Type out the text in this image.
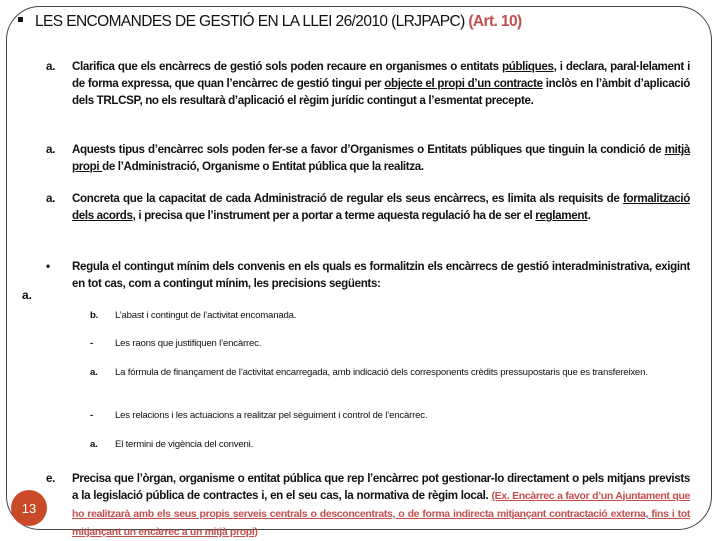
LES ENCOMANDES DE GESTIÓ EN LA LLEI 26/2010 (LRJPAPC) (Art. 10)
a. Clarifica que els encàrrecs de gestió sols poden recaure en organismes o entitats públiques, i declara, paral·lelament i de forma expressa, que quan l’encàrrec de gestió tingui per objecte el propi d’un contracte inclòs en l’àmbit d’aplicació dels TRLCSP, no els resultarà d’aplicació el règim jurídic contingut a l’esmentat precepte.
a. Aquests tipus d’encàrrec sols poden fer-se a favor d’Organismes o Entitats públiques que tinguin la condició de mitjà propi de l’Administració, Organisme o Entitat pública que la realitza.
a. Concreta que la capacitat de cada Administració de regular els seus encàrrecs, es limita als requisits de formalització dels acords, i precisa que l’instrument per a portar a terme aquesta regulació ha de ser el reglament.
• Regula el contingut mínim dels convenis en els quals es formalitzin els encàrrecs de gestió interadministrativa, exigint en tot cas, com a contingut mínim, les precisions següents:
a.
b. L’abast i contingut de l’activitat encomanada.
- Les raons que justifiquen l’encàrrec.
a. La fórmula de finançament de l’activitat encarregada, amb indicació dels corresponents crèdits pressupostaris que es transfereixen.
- Les relacions i les actuacions a realitzar pel seguiment i control de l’encàrrec.
a. El termini de vigència del conveni.
e. Precisa que l’òrgan, organisme o entitat pública que rep l’encàrrec pot gestionar-lo directament o pels mitjans prevists a la legislació pública de contractes i, en el seu cas, la normativa de règim local. (Ex. Encàrrec a favor d’un Ajuntament que ho realitzarà amb els seus propis serveis centrals o desconcentrats, o de forma indirecta mitjançant contractació externa, fins i tot mitjançant un encàrrec a un mitjà propi)
13
